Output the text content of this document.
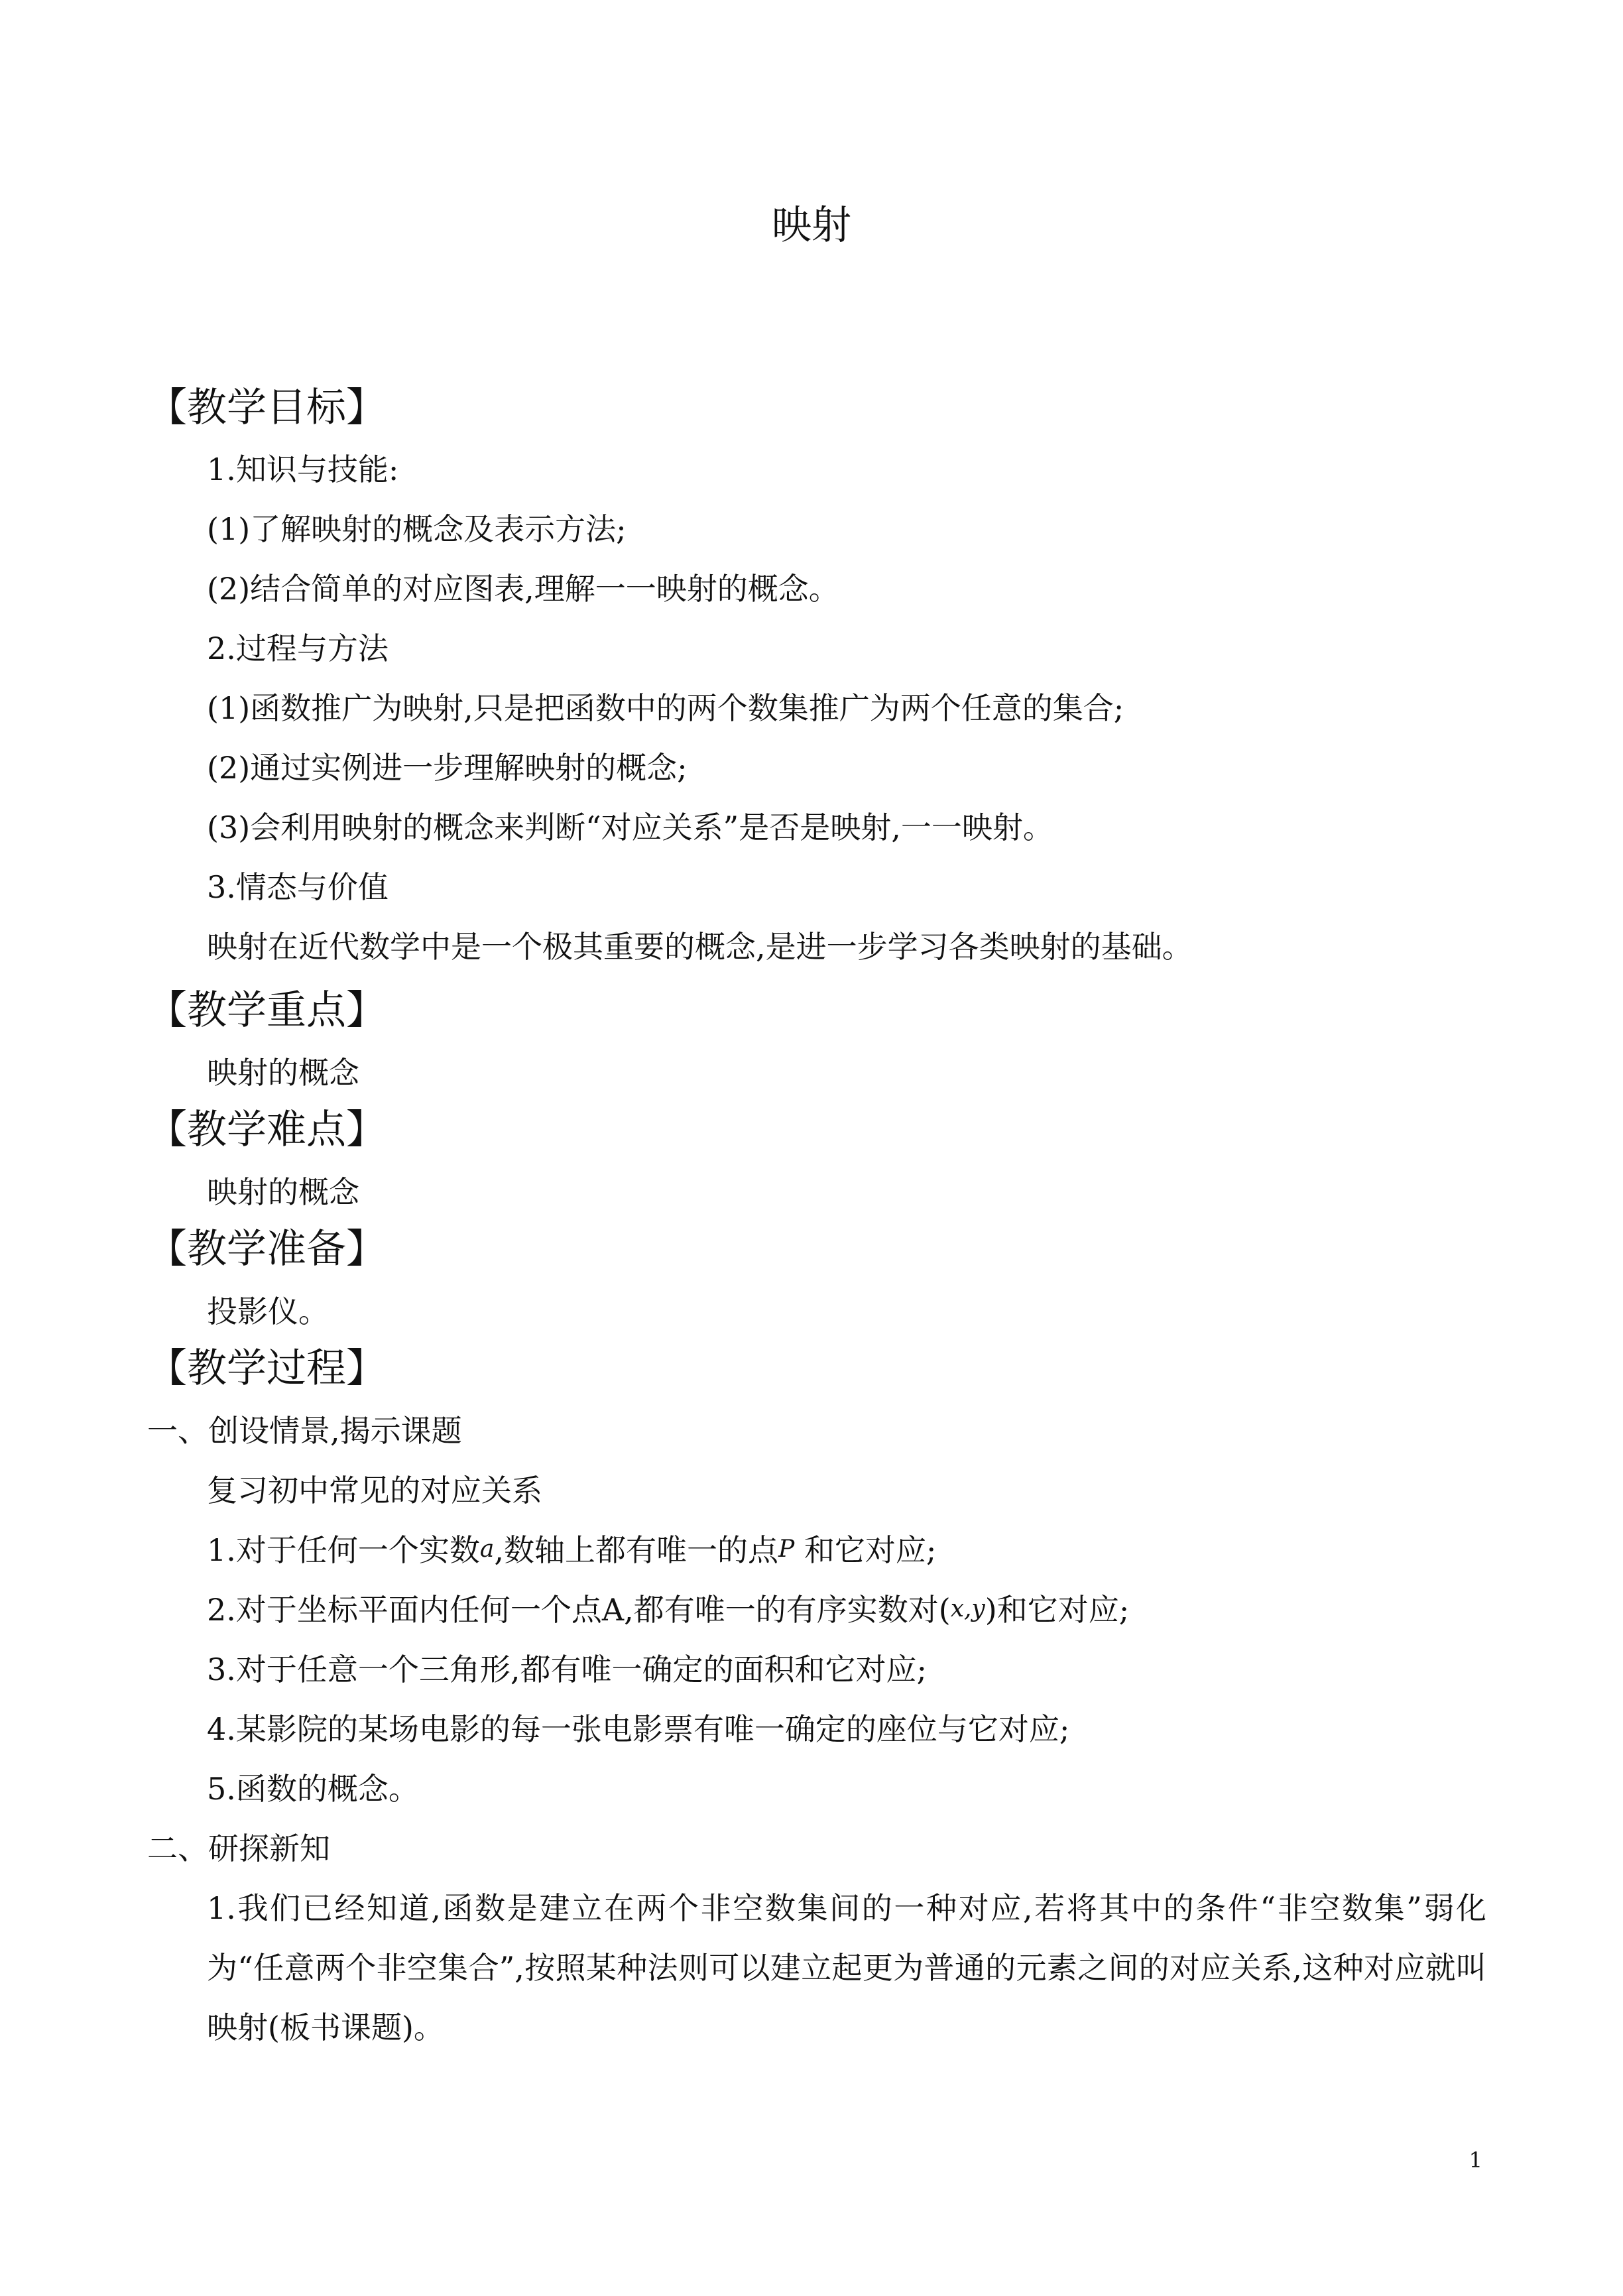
映射
【教学目标】
1.知识与技能:
(1)了解映射的概念及表示方法;
(2)结合简单的对应图表,理解一一映射的概念。
2.过程与方法
(1)函数推广为映射,只是把函数中的两个数集推广为两个任意的集合;
(2)通过实例进一步理解映射的概念;
(3)会利用映射的概念来判断“对应关系”是否是映射,一一映射。
3.情态与价值
映射在近代数学中是一个极其重要的概念,是进一步学习各类映射的基础。
【教学重点】
映射的概念
【教学难点】
映射的概念
【教学准备】
投影仪。
【教学过程】
一、创设情景,揭示课题
复习初中常见的对应关系
1.对于任何一个实数a,数轴上都有唯一的点P 和它对应;
2.对于坐标平面内任何一个点A,都有唯一的有序实数对(x,y)和它对应;
3.对于任意一个三角形,都有唯一确定的面积和它对应;
4.某影院的某场电影的每一张电影票有唯一确定的座位与它对应;
5.函数的概念。
二、研探新知
1.我们已经知道,函数是建立在两个非空数集间的一种对应,若将其中的条件“非空数集”弱化为“任意两个非空集合”,按照某种法则可以建立起更为普通的元素之间的对应关系,这种对应就叫映射(板书课题)。
1
